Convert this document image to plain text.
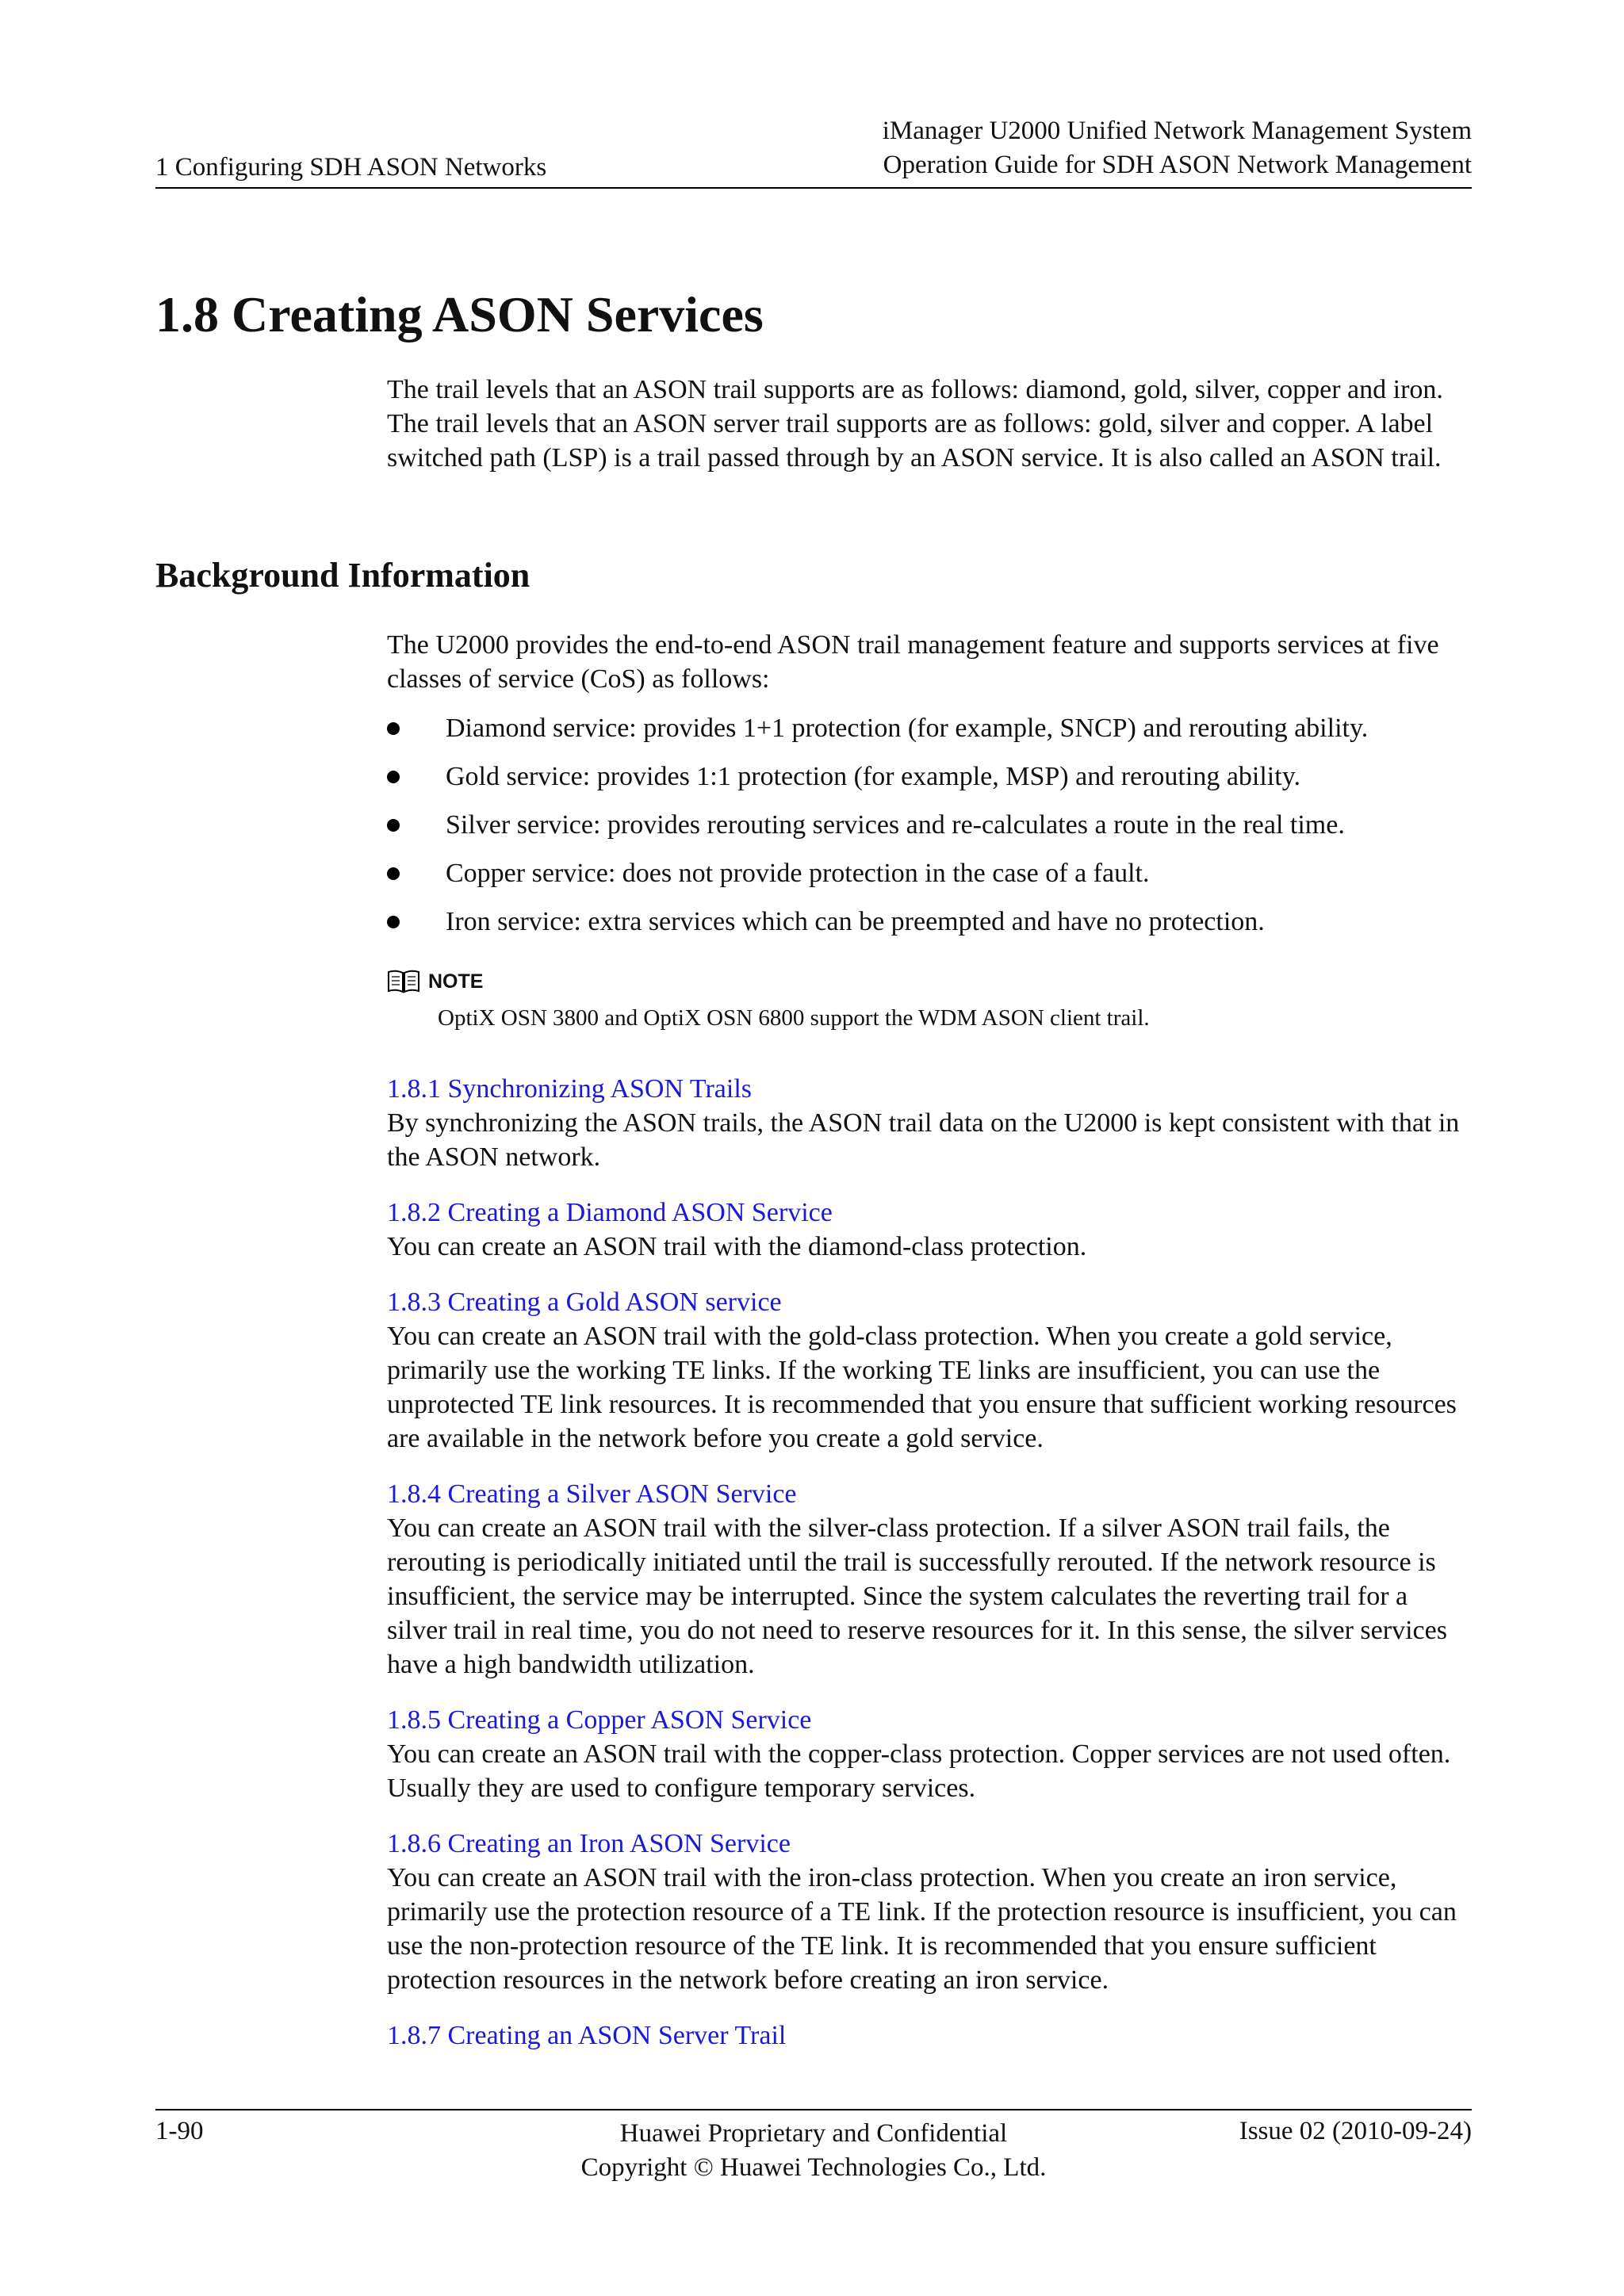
1 Configuring SDH ASON Networks
iManager U2000 Unified Network Management System
Operation Guide for SDH ASON Network Management
1.8 Creating ASON Services

The trail levels that an ASON trail supports are as follows: diamond, gold, silver, copper and iron. The trail levels that an ASON server trail supports are as follows: gold, silver and copper. A label switched path (LSP) is a trail passed through by an ASON service. It is also called an ASON trail.

Background Information

The U2000 provides the end-to-end ASON trail management feature and supports services at five classes of service (CoS) as follows:

Diamond service: provides 1+1 protection (for example, SNCP) and rerouting ability.
Gold service: provides 1:1 protection (for example, MSP) and rerouting ability.
Silver service: provides rerouting services and re-calculates a route in the real time.
Copper service: does not provide protection in the case of a fault.
Iron service: extra services which can be preempted and have no protection.
NOTE
OptiX OSN 3800 and OptiX OSN 6800 support the WDM ASON client trail.
1.8.1 Synchronizing ASON Trails
By synchronizing the ASON trails, the ASON trail data on the U2000 is kept consistent with that in the ASON network.
1.8.2 Creating a Diamond ASON Service
You can create an ASON trail with the diamond-class protection.
1.8.3 Creating a Gold ASON service
You can create an ASON trail with the gold-class protection. When you create a gold service, primarily use the working TE links. If the working TE links are insufficient, you can use the unprotected TE link resources. It is recommended that you ensure that sufficient working resources are available in the network before you create a gold service.
1.8.4 Creating a Silver ASON Service
You can create an ASON trail with the silver-class protection. If a silver ASON trail fails, the rerouting is periodically initiated until the trail is successfully rerouted. If the network resource is insufficient, the service may be interrupted. Since the system calculates the reverting trail for a silver trail in real time, you do not need to reserve resources for it. In this sense, the silver services have a high bandwidth utilization.
1.8.5 Creating a Copper ASON Service
You can create an ASON trail with the copper-class protection. Copper services are not used often. Usually they are used to configure temporary services.
1.8.6 Creating an Iron ASON Service
You can create an ASON trail with the iron-class protection. When you create an iron service, primarily use the protection resource of a TE link. If the protection resource is insufficient, you can use the non-protection resource of the TE link. It is recommended that you ensure sufficient protection resources in the network before creating an iron service.
1.8.7 Creating an ASON Server Trail
1-90	Huawei Proprietary and Confidential
Copyright © Huawei Technologies Co., Ltd.
Issue 02 (2010-09-24)
